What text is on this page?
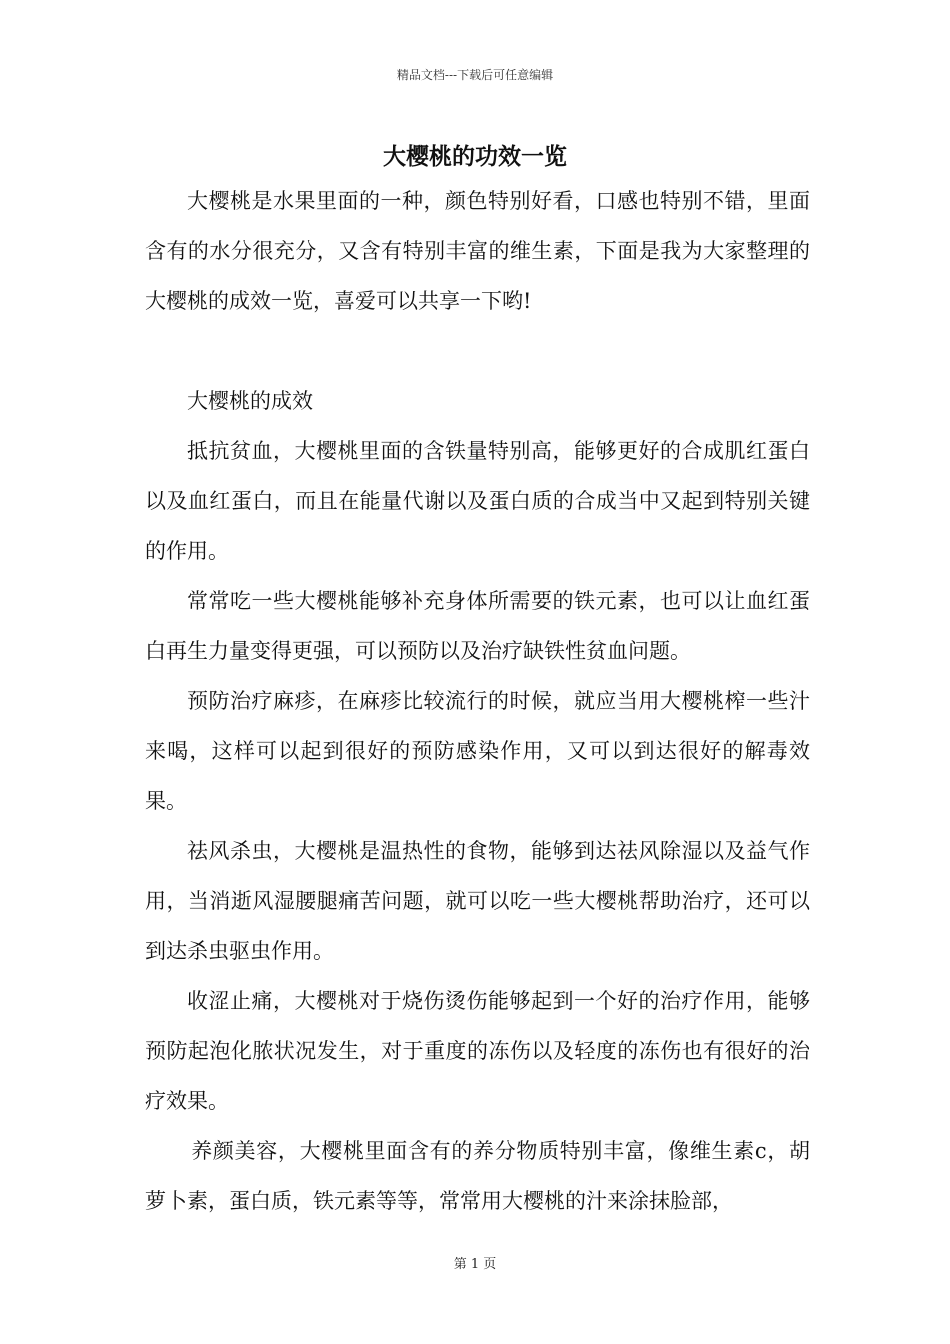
精品文档---下载后可任意编辑
大樱桃的功效一览

大樱桃是水果里面的一种，颜色特别好看，口感也特别不错，里面含有的水分很充分，又含有特别丰富的维生素，下面是我为大家整理的大樱桃的成效一览，喜爱可以共享一下哟!

大樱桃的成效

抵抗贫血，大樱桃里面的含铁量特别高，能够更好的合成肌红蛋白以及血红蛋白，而且在能量代谢以及蛋白质的合成当中又起到特别关键的作用。

常常吃一些大樱桃能够补充身体所需要的铁元素，也可以让血红蛋白再生力量变得更强，可以预防以及治疗缺铁性贫血问题。

预防治疗麻疹，在麻疹比较流行的时候，就应当用大樱桃榨一些汁来喝，这样可以起到很好的预防感染作用，又可以到达很好的解毒效果。

祛风杀虫，大樱桃是温热性的食物，能够到达祛风除湿以及益气作用，当消逝风湿腰腿痛苦问题，就可以吃一些大樱桃帮助治疗，还可以到达杀虫驱虫作用。

收涩止痛，大樱桃对于烧伤烫伤能够起到一个好的治疗作用，能够预防起泡化脓状况发生，对于重度的冻伤以及轻度的冻伤也有很好的治疗效果。

养颜美容，大樱桃里面含有的养分物质特别丰富，像维生素c，胡萝卜素，蛋白质，铁元素等等，常常用大樱桃的汁来涂抹脸部，

第 1 页
